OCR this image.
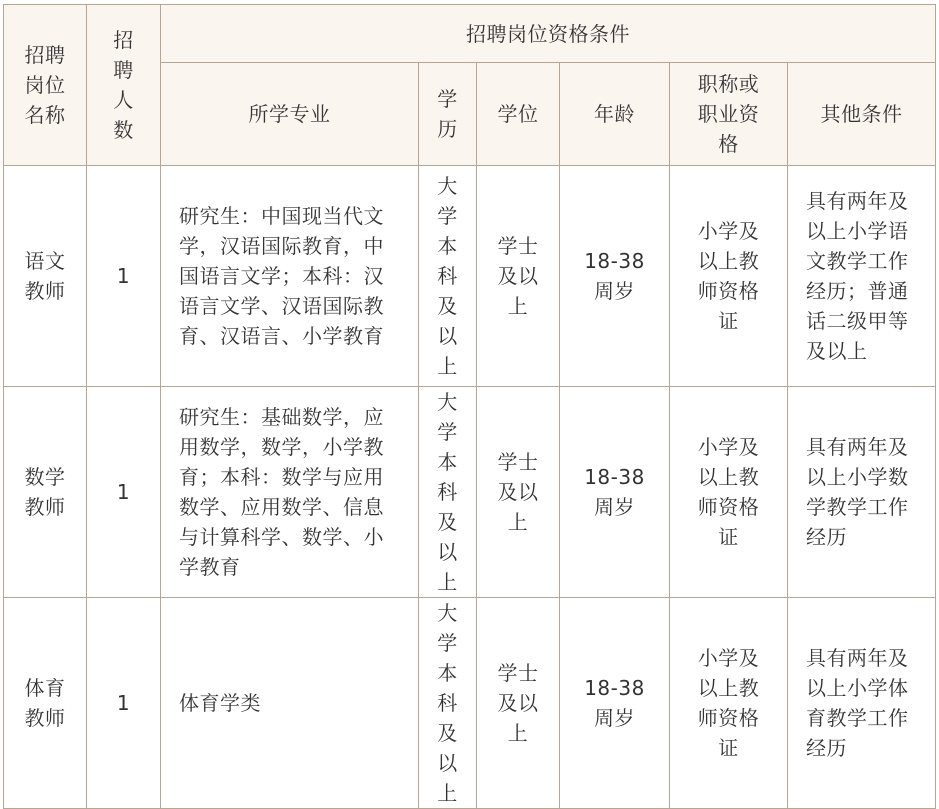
招聘岗位名称	招聘人数	招聘岗位资格条件					
		所学专业	学历	学位	年龄	职称或职业资格	其他条件
语文教师	1	研究生：中国现当代文学，汉语国际教育，中国语言文学；本科：汉语言文学、汉语国际教育、汉语言、小学教育	大学本科及以上	学士及以上	18-38周岁	小学及以上教师资格证	具有两年及以上小学语文教学工作经历；普通话二级甲等及以上
数学教师	1	研究生：基础数学，应用数学，数学，小学教育；本科：数学与应用数学、应用数学、信息与计算科学、数学、小学教育	大学本科及以上	学士及以上	18-38周岁	小学及以上教师资格证	具有两年及以上小学数学教学工作经历
体育教师	1	体育学类	大学本科及以上	学士及以上	18-38周岁	小学及以上教师资格证	具有两年及以上小学体育教学工作经历
